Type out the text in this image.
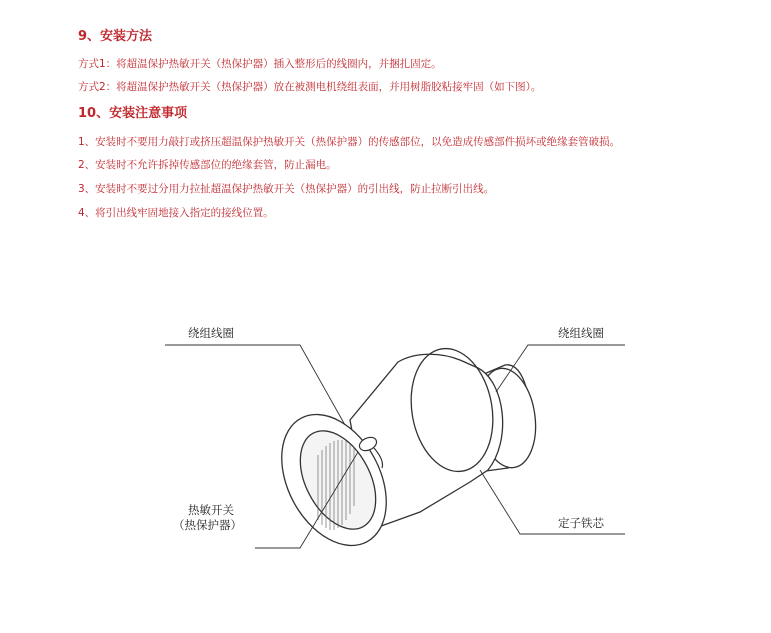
9、安装方法

方式1：将超温保护热敏开关（热保护器）插入整形后的线圈内，并捆扎固定。

方式2：将超温保护热敏开关（热保护器）放在被测电机绕组表面，并用树脂胶粘接牢固（如下图）。

10、安装注意事项

1、安装时不要用力敲打或挤压超温保护热敏开关（热保护器）的传感部位，以免造成传感部件损坏或绝缘套管破损。

2、安装时不允许拆掉传感部位的绝缘套管，防止漏电。

3、安装时不要过分用力拉扯超温保护热敏开关（热保护器）的引出线，防止拉断引出线。

4、将引出线牢固地接入指定的接线位置。

绕组线圈	绕组线圈

热敏开关

（热保护器）	定子铁芯
